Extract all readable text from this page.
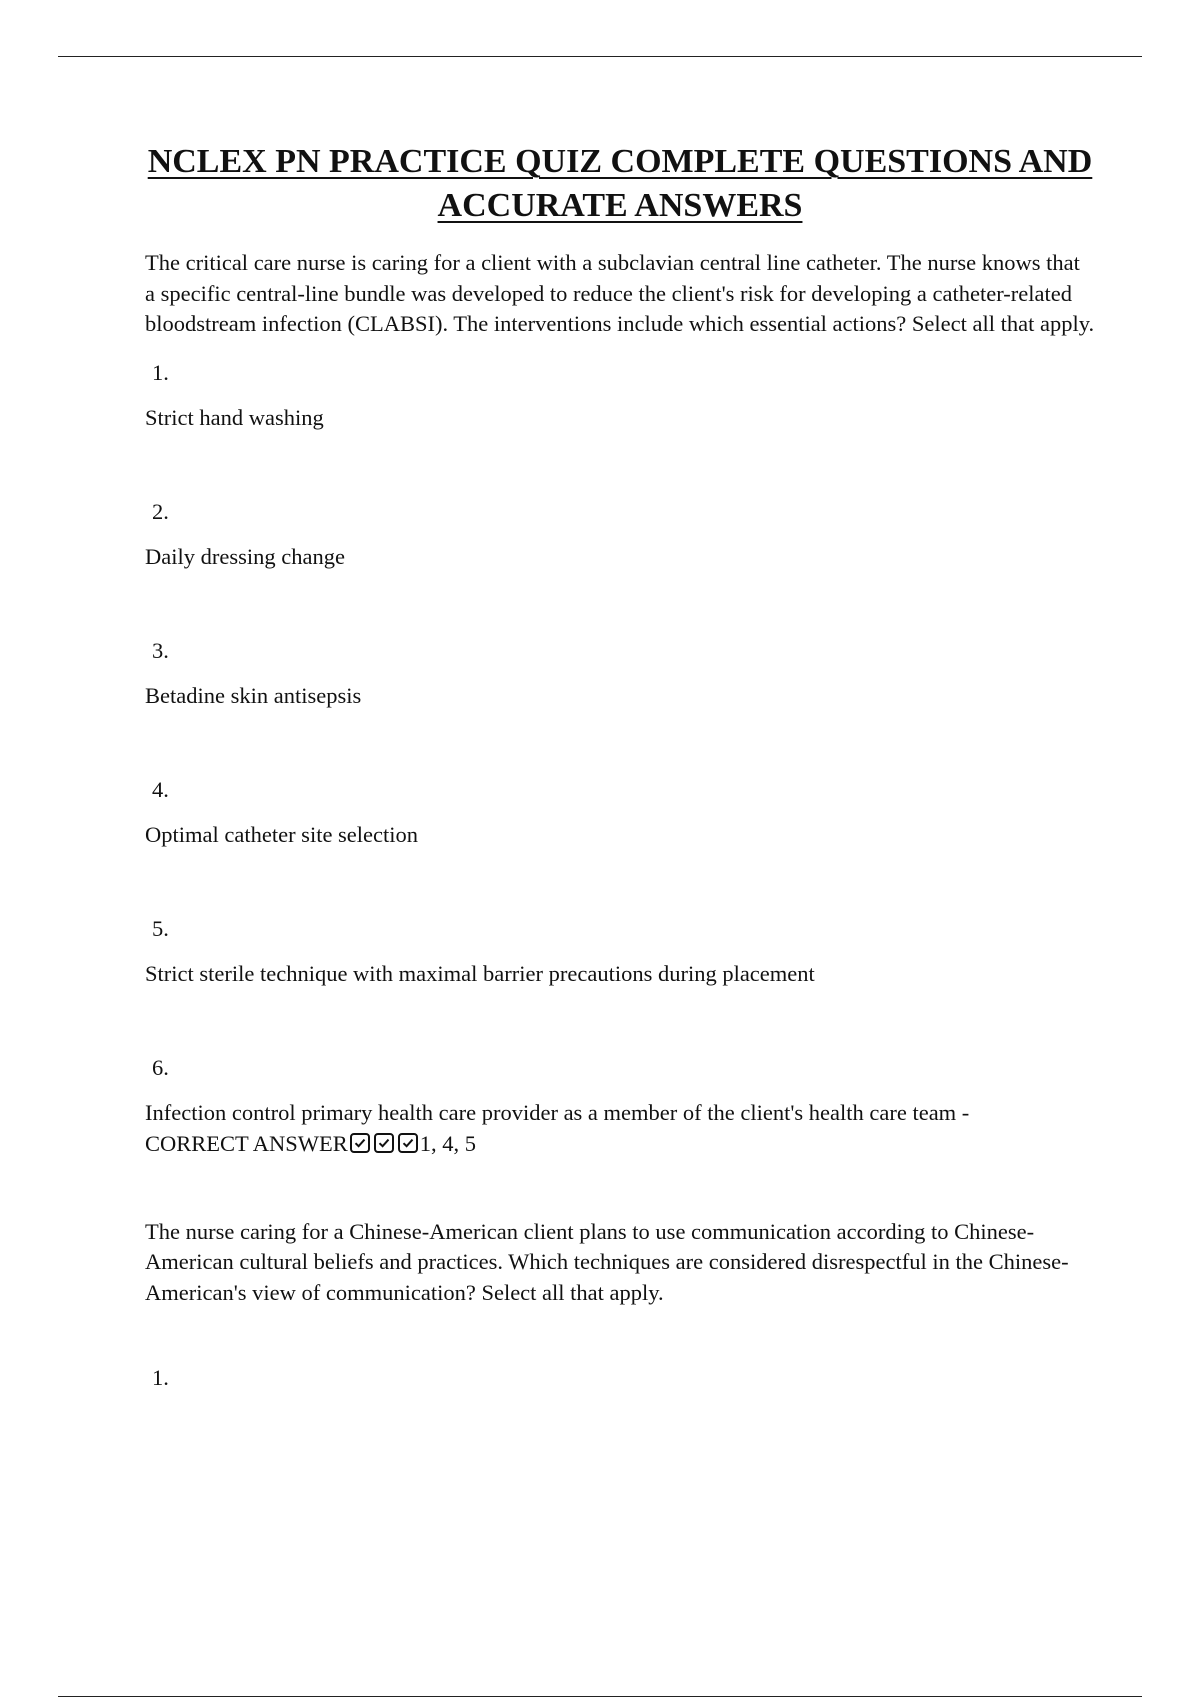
NCLEX PN PRACTICE QUIZ COMPLETE QUESTIONS AND ACCURATE ANSWERS

The critical care nurse is caring for a client with a subclavian central line catheter. The nurse knows that a specific central-line bundle was developed to reduce the client's risk for developing a catheter-related bloodstream infection (CLABSI). The interventions include which essential actions? Select all that apply.

1.

Strict hand washing

2.

Daily dressing change

3.

Betadine skin antisepsis

4.

Optimal catheter site selection

5.

Strict sterile technique with maximal barrier precautions during placement

6.

Infection control primary health care provider as a member of the client's health care team -
CORRECT ANSWER	1, 4, 5

The nurse caring for a Chinese-American client plans to use communication according to Chinese-American cultural beliefs and practices. Which techniques are considered disrespectful in the Chinese-American's view of communication? Select all that apply.

1.
